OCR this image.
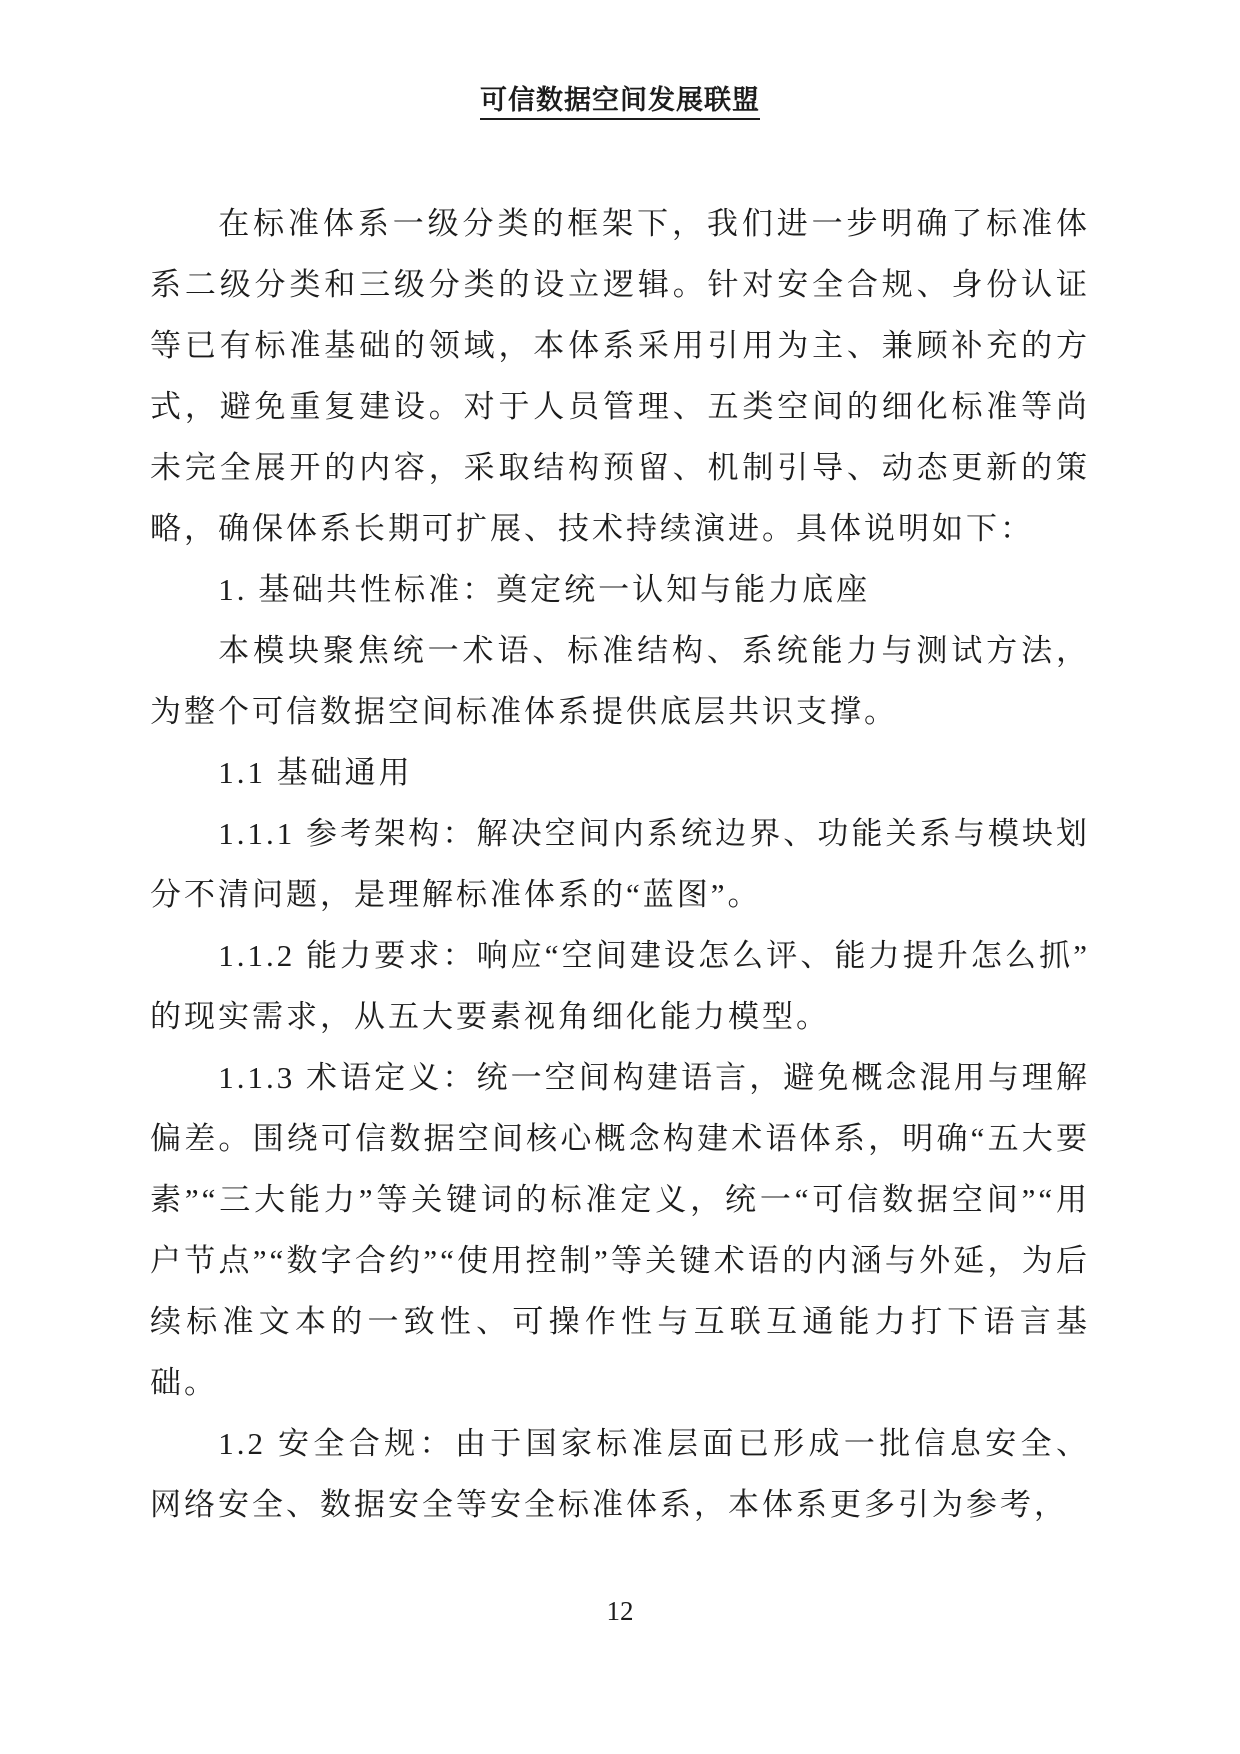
可信数据空间发展联盟

在标准体系一级分类的框架下，我们进一步明确了标准体系二级分类和三级分类的设立逻辑。针对安全合规、身份认证等已有标准基础的领域，本体系采用引用为主、兼顾补充的方式，避免重复建设。对于人员管理、五类空间的细化标准等尚未完全展开的内容，采取结构预留、机制引导、动态更新的策略，确保体系长期可扩展、技术持续演进。具体说明如下：

1. 基础共性标准：奠定统一认知与能力底座

本模块聚焦统一术语、标准结构、系统能力与测试方法，为整个可信数据空间标准体系提供底层共识支撑。

1.1 基础通用

1.1.1 参考架构：解决空间内系统边界、功能关系与模块划分不清问题，是理解标准体系的“蓝图”。

1.1.2 能力要求：响应“空间建设怎么评、能力提升怎么抓”的现实需求，从五大要素视角细化能力模型。

1.1.3 术语定义：统一空间构建语言，避免概念混用与理解偏差。围绕可信数据空间核心概念构建术语体系，明确“五大要素”“三大能力”等关键词的标准定义，统一“可信数据空间”“用户节点”“数字合约”“使用控制”等关键术语的内涵与外延，为后续标准文本的一致性、可操作性与互联互通能力打下语言基础。

1.2 安全合规：由于国家标准层面已形成一批信息安全、网络安全、数据安全等安全标准体系，本体系更多引为参考，

12
